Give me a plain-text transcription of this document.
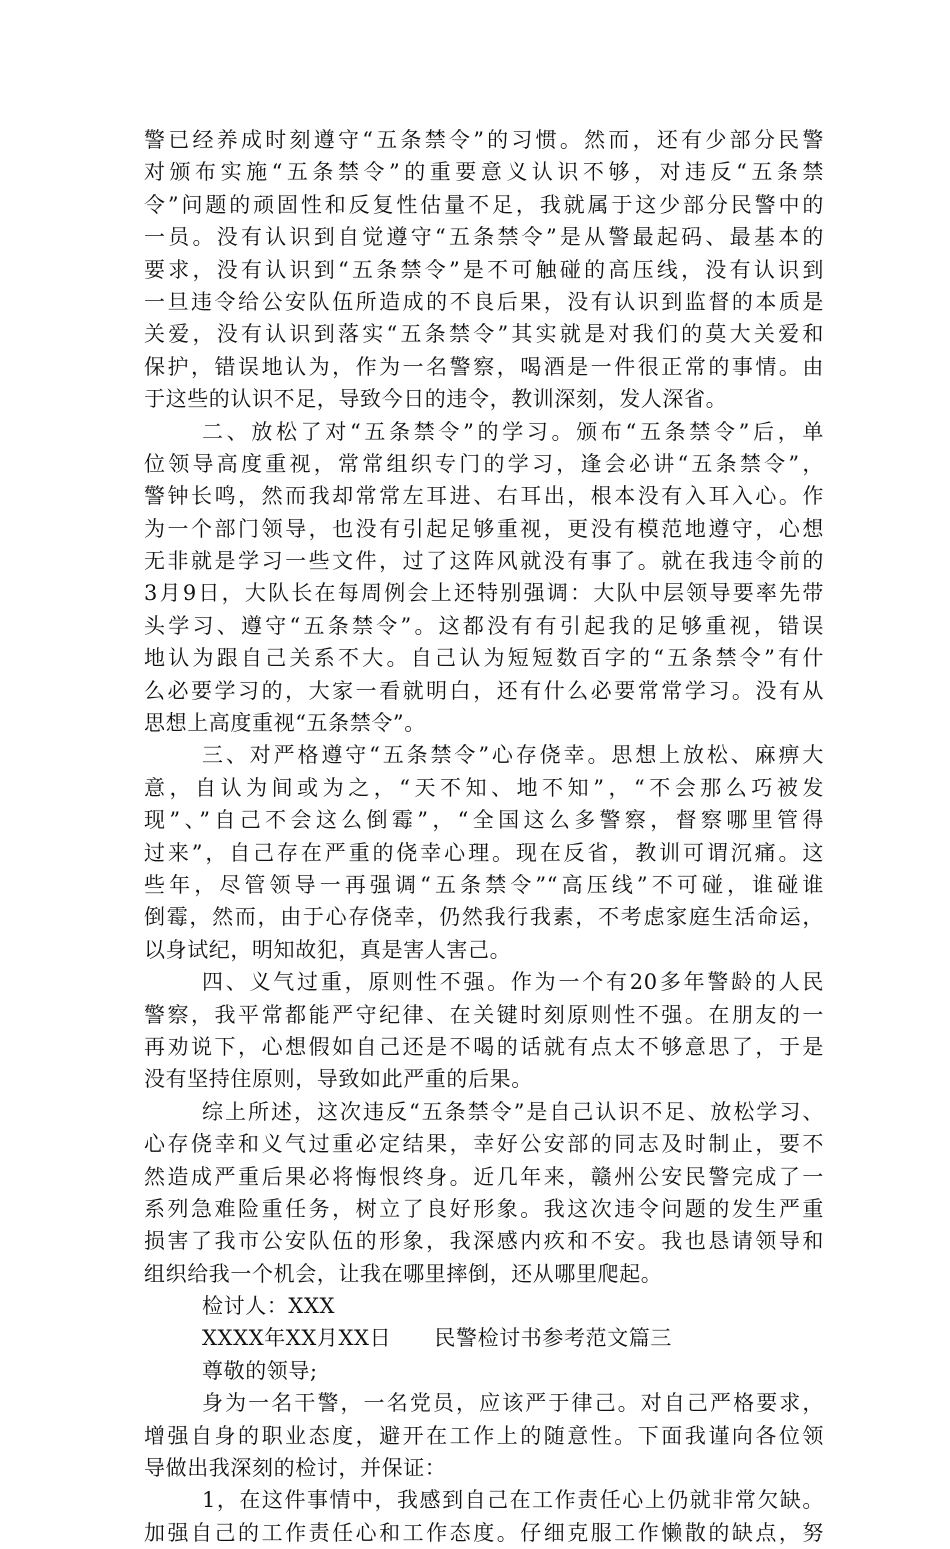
警已经养成时刻遵守“五条禁令”的习惯。然而，还有少部分民警
对颁布实施“五条禁令”的重要意义认识不够，对违反“五条禁
令”问题的顽固性和反复性估量不足，我就属于这少部分民警中的
一员。没有认识到自觉遵守“五条禁令”是从警最起码、最基本的
要求，没有认识到“五条禁令”是不可触碰的高压线，没有认识到
一旦违令给公安队伍所造成的不良后果，没有认识到监督的本质是
关爱，没有认识到落实“五条禁令”其实就是对我们的莫大关爱和
保护，错误地认为，作为一名警察，喝酒是一件很正常的事情。由
于这些的认识不足，导致今日的违令，教训深刻，发人深省。
二、放松了对“五条禁令”的学习。颁布“五条禁令”后，单
位领导高度重视，常常组织专门的学习，逢会必讲“五条禁令”，
警钟长鸣，然而我却常常左耳进、右耳出，根本没有入耳入心。作
为一个部门领导，也没有引起足够重视，更没有模范地遵守，心想
无非就是学习一些文件，过了这阵风就没有事了。就在我违令前的
3月9日，大队长在每周例会上还特别强调：大队中层领导要率先带
头学习、遵守“五条禁令”。这都没有有引起我的足够重视，错误
地认为跟自己关系不大。自己认为短短数百字的“五条禁令”有什
么必要学习的，大家一看就明白，还有什么必要常常学习。没有从
思想上高度重视“五条禁令”。
三、对严格遵守“五条禁令”心存侥幸。思想上放松、麻痹大
意，自认为间或为之，“天不知、地不知”，“不会那么巧被发
现”、”自己不会这么倒霉”，“全国这么多警察，督察哪里管得
过来”，自己存在严重的侥幸心理。现在反省，教训可谓沉痛。这
些年，尽管领导一再强调“五条禁令”“高压线”不可碰，谁碰谁
倒霉，然而，由于心存侥幸，仍然我行我素，不考虑家庭生活命运，
以身试纪，明知故犯，真是害人害己。
四、义气过重，原则性不强。作为一个有20多年警龄的人民
警察，我平常都能严守纪律、在关键时刻原则性不强。在朋友的一
再劝说下，心想假如自己还是不喝的话就有点太不够意思了，于是
没有坚持住原则，导致如此严重的后果。
综上所述，这次违反“五条禁令”是自己认识不足、放松学习、
心存侥幸和义气过重必定结果，幸好公安部的同志及时制止，要不
然造成严重后果必将悔恨终身。近几年来，赣州公安民警完成了一
系列急难险重任务，树立了良好形象。我这次违令问题的发生严重
损害了我市公安队伍的形象，我深感内疚和不安。我也恳请领导和
组织给我一个机会，让我在哪里摔倒，还从哪里爬起。
检讨人：XXX
XXXX年XX月XX日　　民警检讨书参考范文篇三
尊敬的领导;
身为一名干警，一名党员，应该严于律己。对自己严格要求，
增强自身的职业态度，避开在工作上的随意性。下面我谨向各位领
导做出我深刻的检讨，并保证：
1，在这件事情中，我感到自己在工作责任心上仍就非常欠缺。
加强自己的工作责任心和工作态度。仔细克服工作懒散的缺点，努
